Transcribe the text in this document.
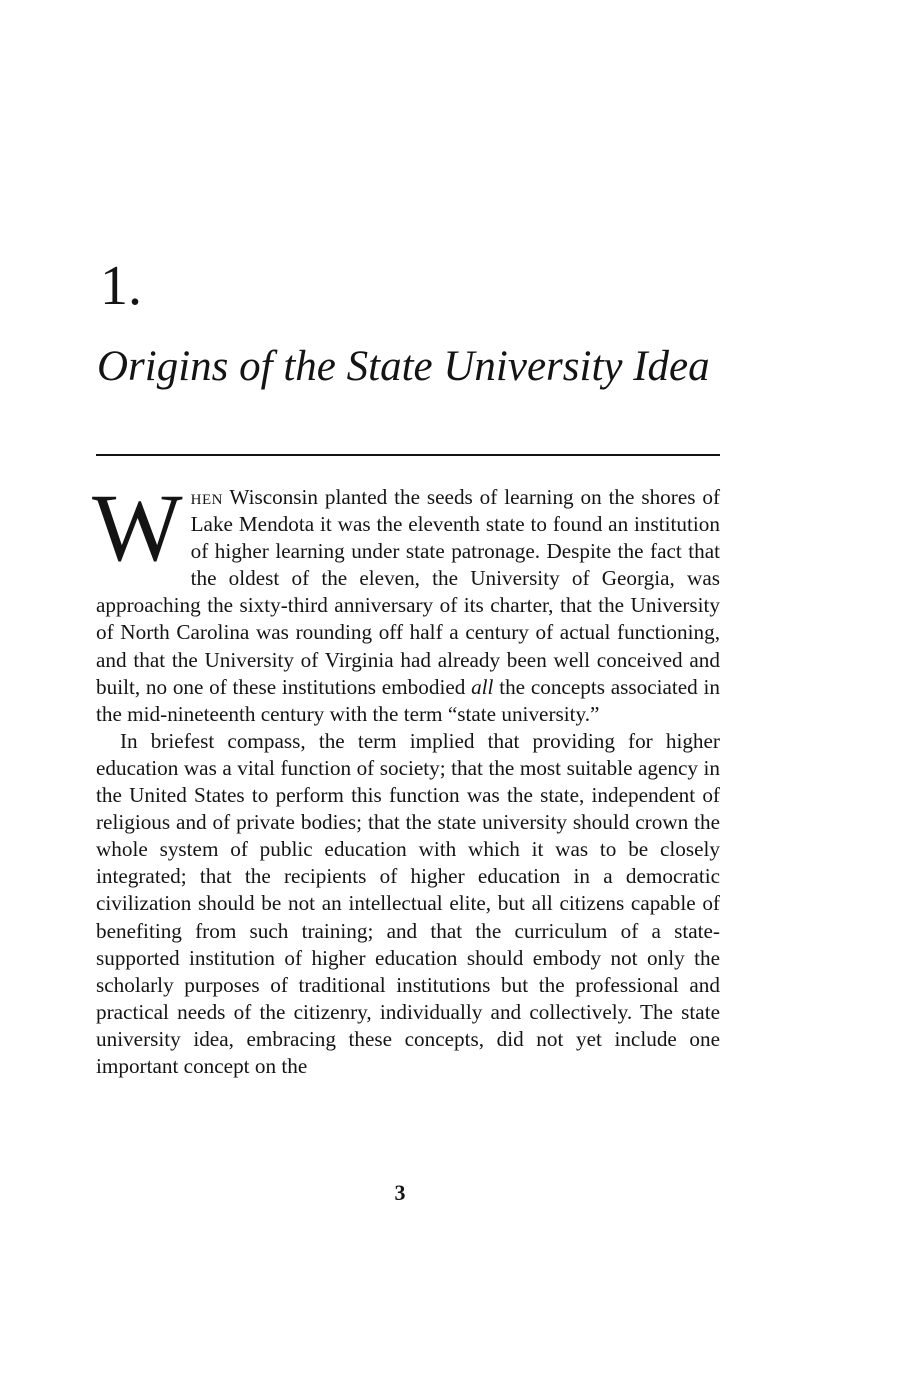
1.
Origins of the State University Idea

When Wisconsin planted the seeds of learning on the shores of Lake Mendota it was the eleventh state to found an institution of higher learning under state patronage. Despite the fact that the oldest of the eleven, the University of Georgia, was approaching the sixty-third anniversary of its charter, that the University of North Carolina was rounding off half a century of actual functioning, and that the University of Virginia had already been well conceived and built, no one of these institutions embodied all the concepts associated in the mid-nineteenth century with the term “state university.”

In briefest compass, the term implied that providing for higher education was a vital function of society; that the most suitable agency in the United States to perform this function was the state, independent of religious and of private bodies; that the state university should crown the whole system of public education with which it was to be closely integrated; that the recipients of higher education in a democratic civilization should be not an intellectual elite, but all citizens capable of benefiting from such training; and that the curriculum of a state-supported institution of higher education should embody not only the scholarly purposes of traditional institutions but the professional and practical needs of the citizenry, individually and collectively. The state university idea, embracing these concepts, did not yet include one important concept on the

3
